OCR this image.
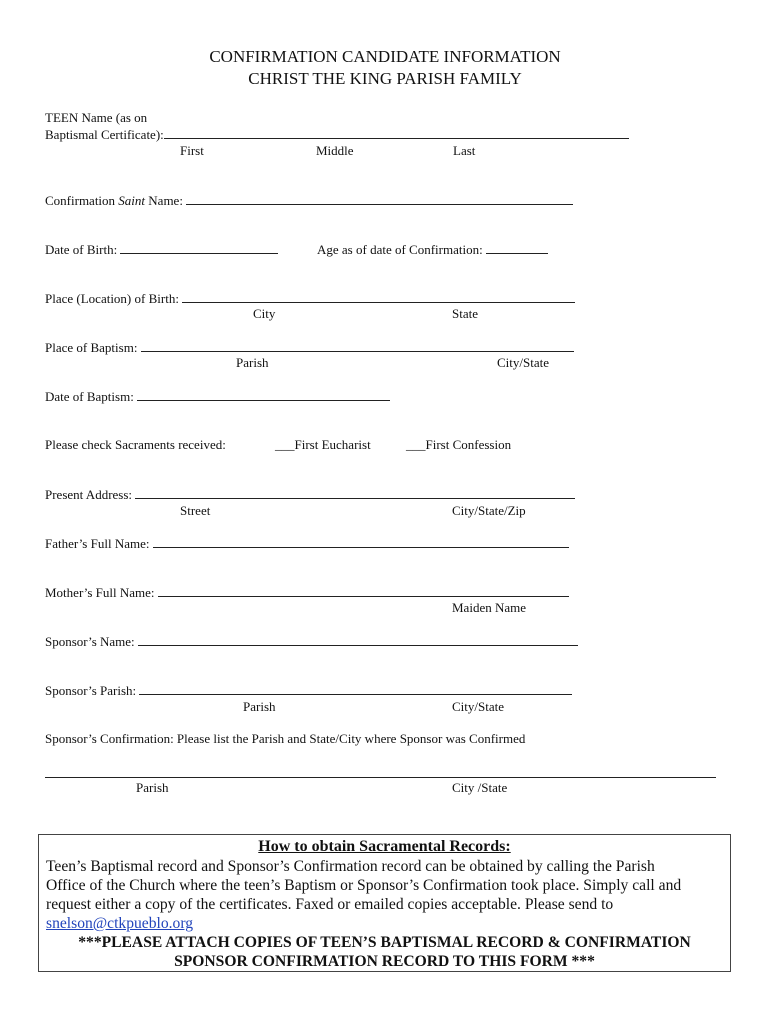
CONFIRMATION CANDIDATE INFORMATION
CHRIST THE KING PARISH FAMILY
TEEN Name (as on
Baptismal Certificate):
First	Middle	Last
Confirmation Saint Name:
Date of Birth:	Age as of date of Confirmation:
Place (Location) of Birth:
City	State
Place of Baptism:
Parish	City/State
Date of Baptism:
Please check Sacraments received:	___First Eucharist	___First Confession
Present Address:
Street	City/State/Zip
Father’s Full Name:
Mother’s Full Name:
Maiden Name
Sponsor’s Name:
Sponsor’s Parish:
Parish	City/State
Sponsor’s Confirmation: Please list the Parish and State/City where Sponsor was Confirmed
Parish	City /State
How to obtain Sacramental Records:
Teen’s Baptismal record and Sponsor’s Confirmation record can be obtained by calling the Parish
Office of the Church where the teen’s Baptism or Sponsor’s Confirmation took place. Simply call and
request either a copy of the certificates. Faxed or emailed copies acceptable. Please send to
snelson@ctkpueblo.org
***PLEASE ATTACH COPIES OF TEEN’S BAPTISMAL RECORD & CONFIRMATION
SPONSOR CONFIRMATION RECORD TO THIS FORM ***
